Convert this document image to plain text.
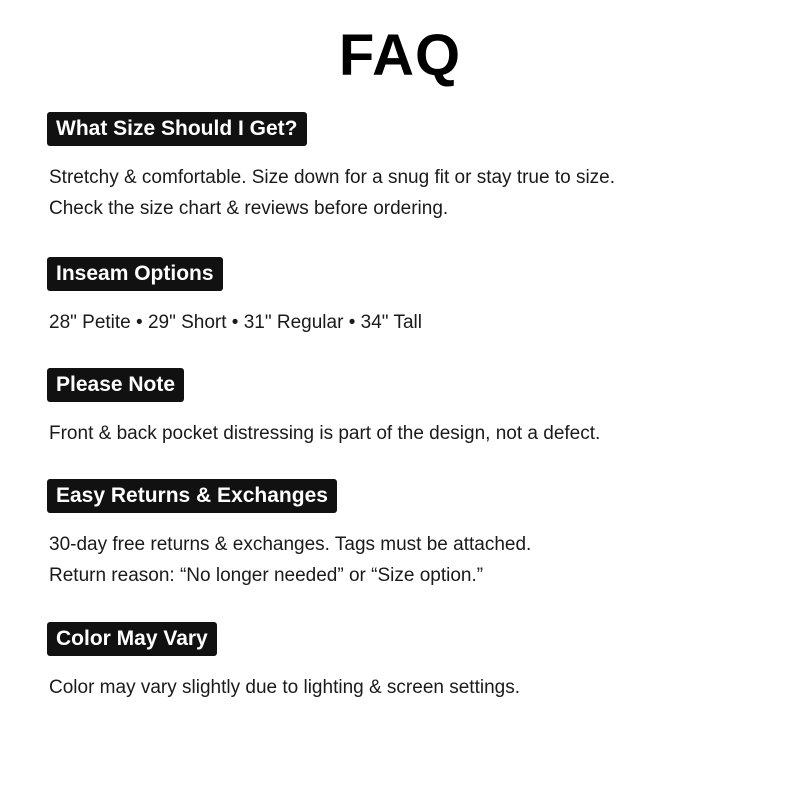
FAQ
What Size Should I Get?
Stretchy & comfortable. Size down for a snug fit or stay true to size.
Check the size chart & reviews before ordering.
Inseam Options
28" Petite • 29" Short • 31" Regular • 34" Tall
Please Note
Front & back pocket distressing is part of the design, not a defect.
Easy Returns & Exchanges
30-day free returns & exchanges. Tags must be attached.
Return reason: “No longer needed” or “Size option.”
Color May Vary
Color may vary slightly due to lighting & screen settings.
